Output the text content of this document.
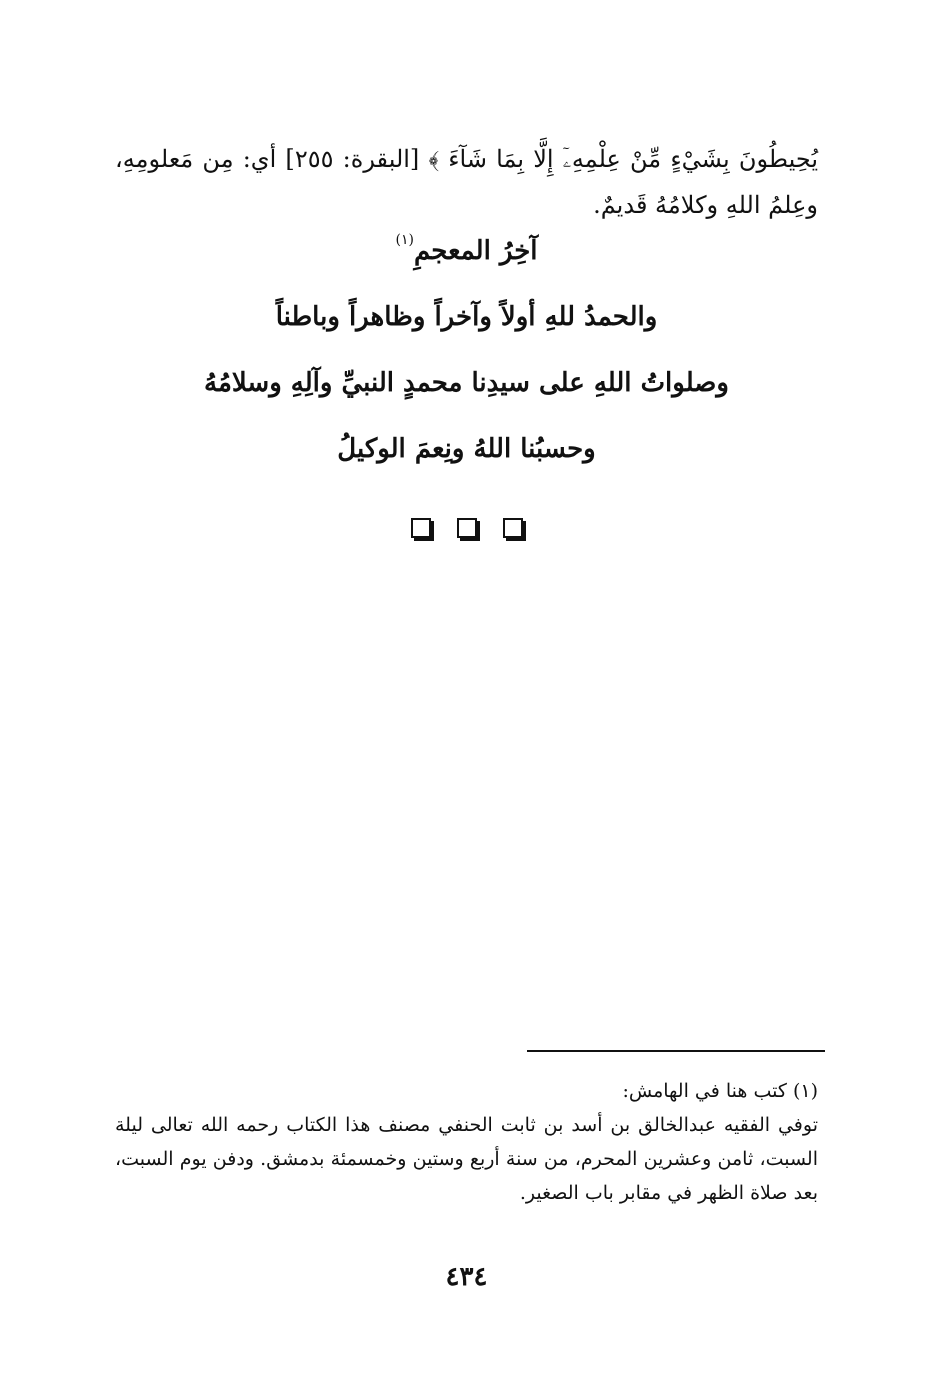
يُحِيطُونَ بِشَيْءٍ مِّنْ عِلْمِهِۦٓ إِلَّا بِمَا شَآءَ ﴾ [البقرة: ٢٥٥] أي: مِن مَعلومِهِ، وعِلمُ اللهِ وكلامُهُ قَديمٌ.

آخِرُ المعجمِ$^{(١)}$
والحمدُ للهِ أولاً وآخراً وظاهراً وباطناً
وصلواتُ اللهِ على سيدِنا محمدٍ النبيِّ وآلِهِ وسلامُهُ
وحسبُنا اللهُ ونِعمَ الوكيلُ
(١) كتب هنا في الهامش:
توفي الفقيه عبدالخالق بن أسد بن ثابت الحنفي مصنف هذا الكتاب رحمه الله تعالى ليلة السبت، ثامن وعشرين المحرم، من سنة أربع وستين وخمسمئة بدمشق. ودفن يوم السبت، بعد صلاة الظهر في مقابر باب الصغير.
٤٣٤
